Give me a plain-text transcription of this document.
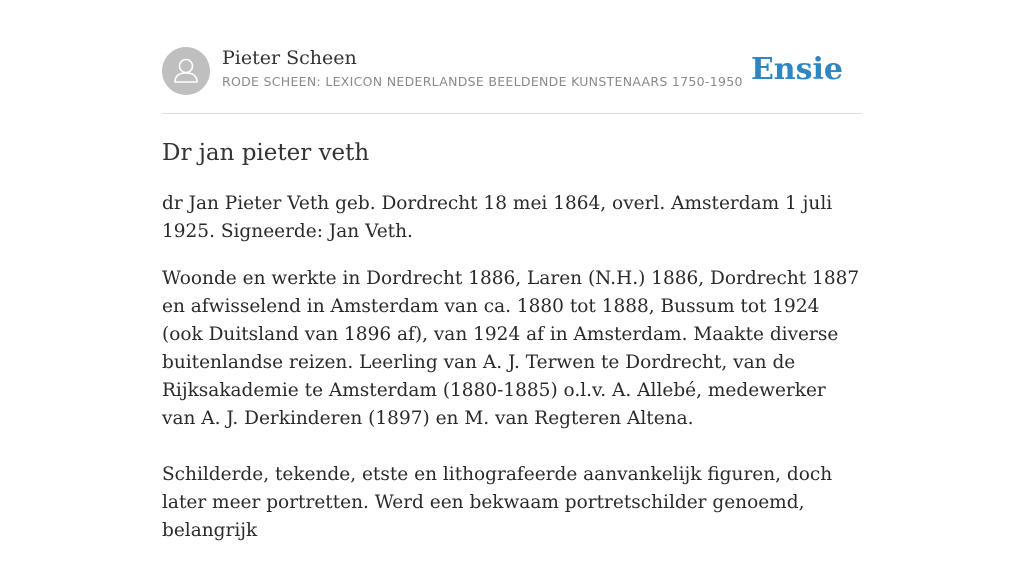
Pieter Scheen
RODE SCHEEN: LEXICON NEDERLANDSE BEELDENDE KUNSTENAARS 1750-1950 Ensie
Dr jan pieter veth

dr Jan Pieter Veth geb. Dordrecht 18 mei 1864, overl. Amsterdam 1 juli 1925. Signeerde: Jan Veth.

Woonde en werkte in Dordrecht 1886, Laren (N.H.) 1886, Dordrecht 1887 en afwisselend in Amsterdam van ca. 1880 tot 1888, Bussum tot 1924 (ook Duitsland van 1896 af), van 1924 af in Amsterdam. Maakte diverse buitenlandse reizen. Leerling van A. J. Terwen te Dordrecht, van de Rijksakademie te Amsterdam (1880-1885) o.l.v. A. Allebé, medewerker van A. J. Derkinderen (1897) en M. van Regteren Altena.

Schilderde, tekende, etste en lithografeerde aanvankelijk figuren, doch later meer portretten. Werd een bekwaam portretschilder genoemd, belangrijk
